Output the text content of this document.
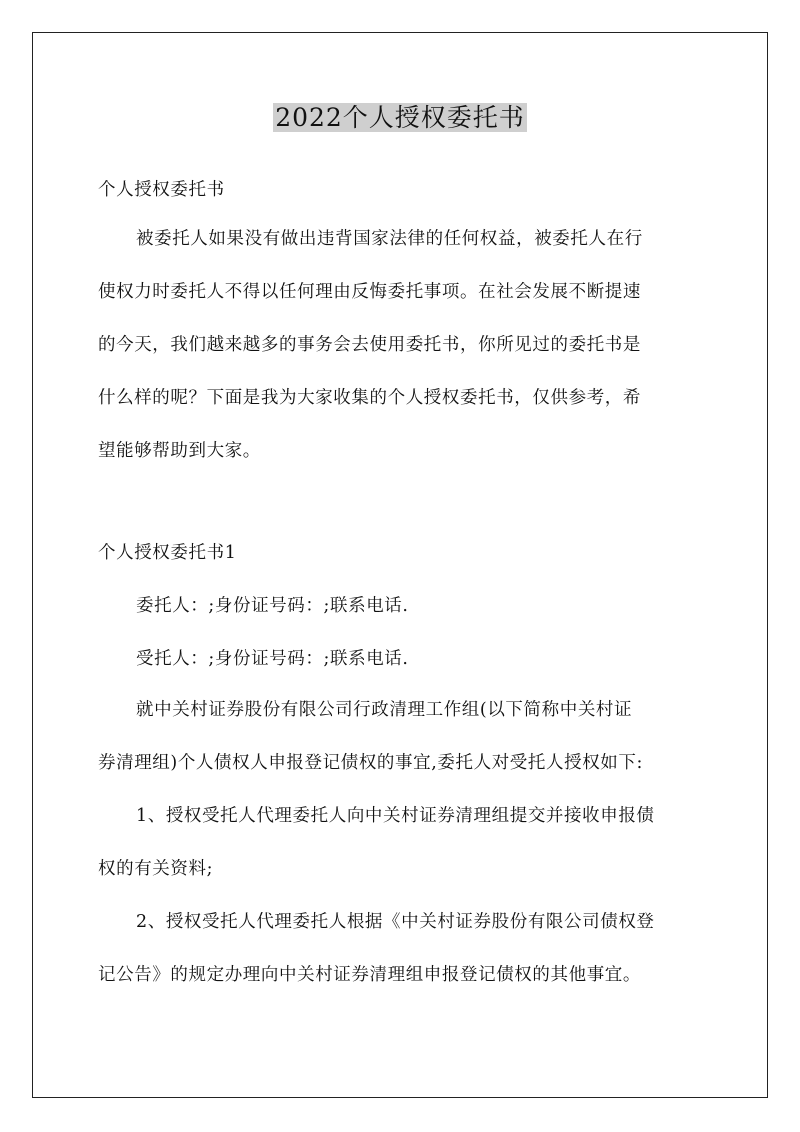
2022个人授权委托书

个人授权委托书

被委托人如果没有做出违背国家法律的任何权益，被委托人在行
使权力时委托人不得以任何理由反悔委托事项。在社会发展不断提速
的今天，我们越来越多的事务会去使用委托书，你所见过的委托书是
什么样的呢？下面是我为大家收集的个人授权委托书，仅供参考，希
望能够帮助到大家。

个人授权委托书1

委托人：;身份证号码：;联系电话.

受托人：;身份证号码：;联系电话.

就中关村证券股份有限公司行政清理工作组(以下简称中关村证
券清理组)个人债权人申报登记债权的事宜,委托人对受托人授权如下:

1、授权受托人代理委托人向中关村证券清理组提交并接收申报债
权的有关资料;

2、授权受托人代理委托人根据《中关村证券股份有限公司债权登
记公告》的规定办理向中关村证券清理组申报登记债权的其他事宜。
